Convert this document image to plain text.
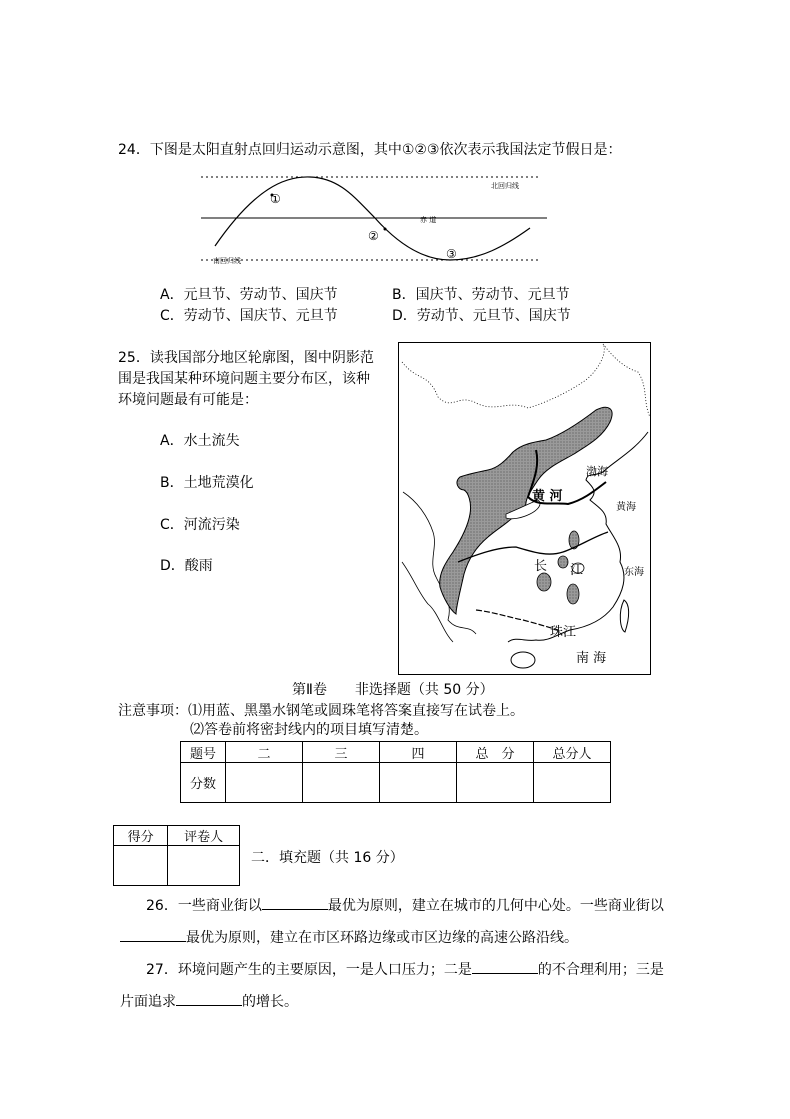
24．下图是太阳直射点回归运动示意图，其中①②③依次表示我国法定节假日是：
北回归线
赤 道
南回归线
①
②
③
A．元旦节、劳动节、国庆节	B．国庆节、劳动节、元旦节
C．劳动节、国庆节、元旦节	D．劳动节、元旦节、国庆节
25．读我国部分地区轮廓图，图中阴影范
围是我国某种环境问题主要分布区，该种
环境问题最有可能是：
A．水土流失
B．土地荒漠化
C．河流污染
D．酸雨
渤海
黄 河
黄海
长 江	东海
珠江
南 海
第Ⅱ卷　　非选择题（共 50 分）
注意事项：⑴用蓝、黑墨水钢笔或圆珠笔将答案直接写在试卷上。
⑵答卷前将密封线内的项目填写清楚。
题号	二	三	四	总　分	总分人
分数					
得分	评卷人

二．填充题（共 16 分）
26．一些商业街以	最优为原则，建立在城市的几何中心处。一些商业街以
最优为原则，建立在市区环路边缘或市区边缘的高速公路沿线。
27．环境问题产生的主要原因，一是人口压力；二是	的不合理利用；三是
片面追求	的增长。
